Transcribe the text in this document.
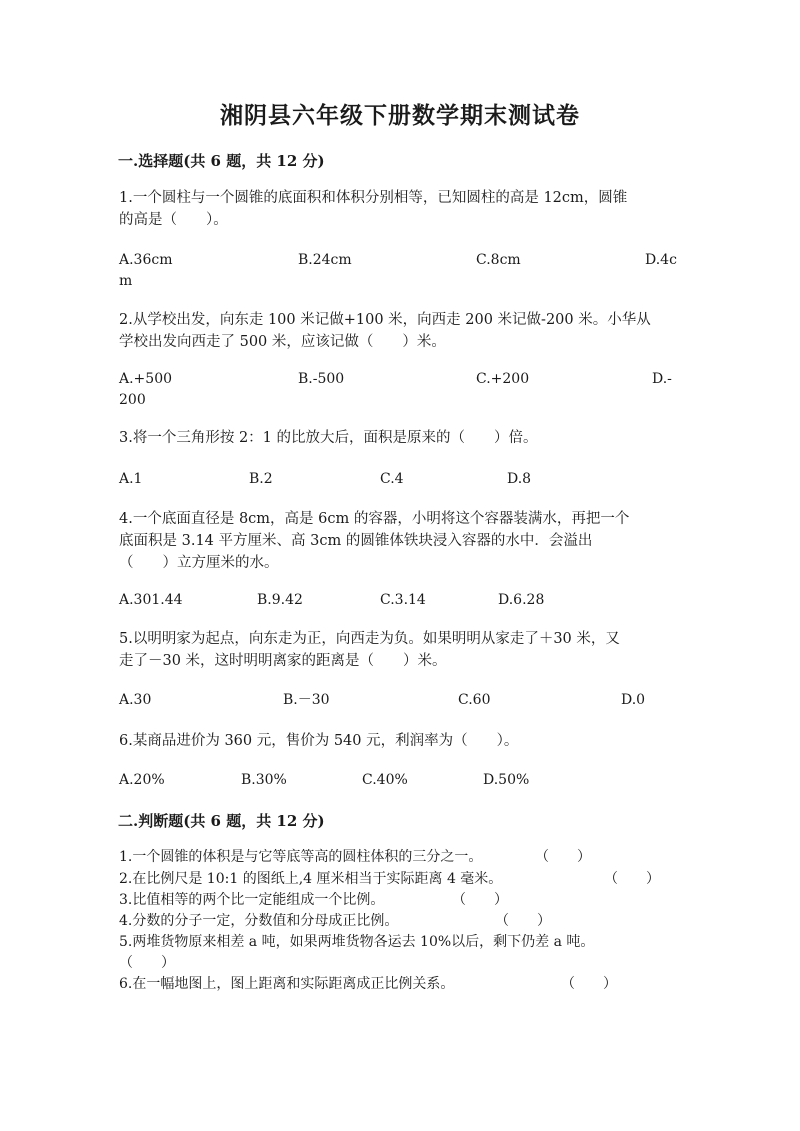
湘阴县六年级下册数学期末测试卷
一.选择题(共 6 题，共 12 分)
1.一个圆柱与一个圆锥的底面积和体积分别相等，已知圆柱的高是 12cm，圆锥
的高是（　　）。
A.36cm	B.24cm	C.8cm	D.4c
m
2.从学校出发，向东走 100 米记做+100 米，向西走 200 米记做-200 米。小华从
学校出发向西走了 500 米，应该记做（　　）米。
A.+500	B.-500	C.+200	D.-
200
3.将一个三角形按 2：1 的比放大后，面积是原来的（　　）倍。
A.1	B.2	C.4	D.8
4.一个底面直径是 8cm，高是 6cm 的容器，小明将这个容器装满水，再把一个
底面积是 3.14 平方厘米、高 3cm 的圆锥体铁块浸入容器的水中．会溢出
（　　）立方厘米的水。
A.301.44	B.9.42	C.3.14	D.6.28
5.以明明家为起点，向东走为正，向西走为负。如果明明从家走了＋30 米，又
走了－30 米，这时明明离家的距离是（　　）米。
A.30	B.－30	C.60	D.0
6.某商品进价为 360 元，售价为 540 元，利润率为（　　）。
A.20%	B.30%	C.40%	D.50%
二.判断题(共 6 题，共 12 分)
1.一个圆锥的体积是与它等底等高的圆柱体积的三分之一。	（　　）
2.在比例尺是 10:1 的图纸上,4 厘米相当于实际距离 4 毫米。	（　　）
3.比值相等的两个比一定能组成一个比例。	（　　）
4.分数的分子一定，分数值和分母成正比例。	（　　）
5.两堆货物原来相差 a 吨，如果两堆货物各运去 10%以后，剩下仍差 a 吨。
（　　）
6.在一幅地图上，图上距离和实际距离成正比例关系。	（　　）
